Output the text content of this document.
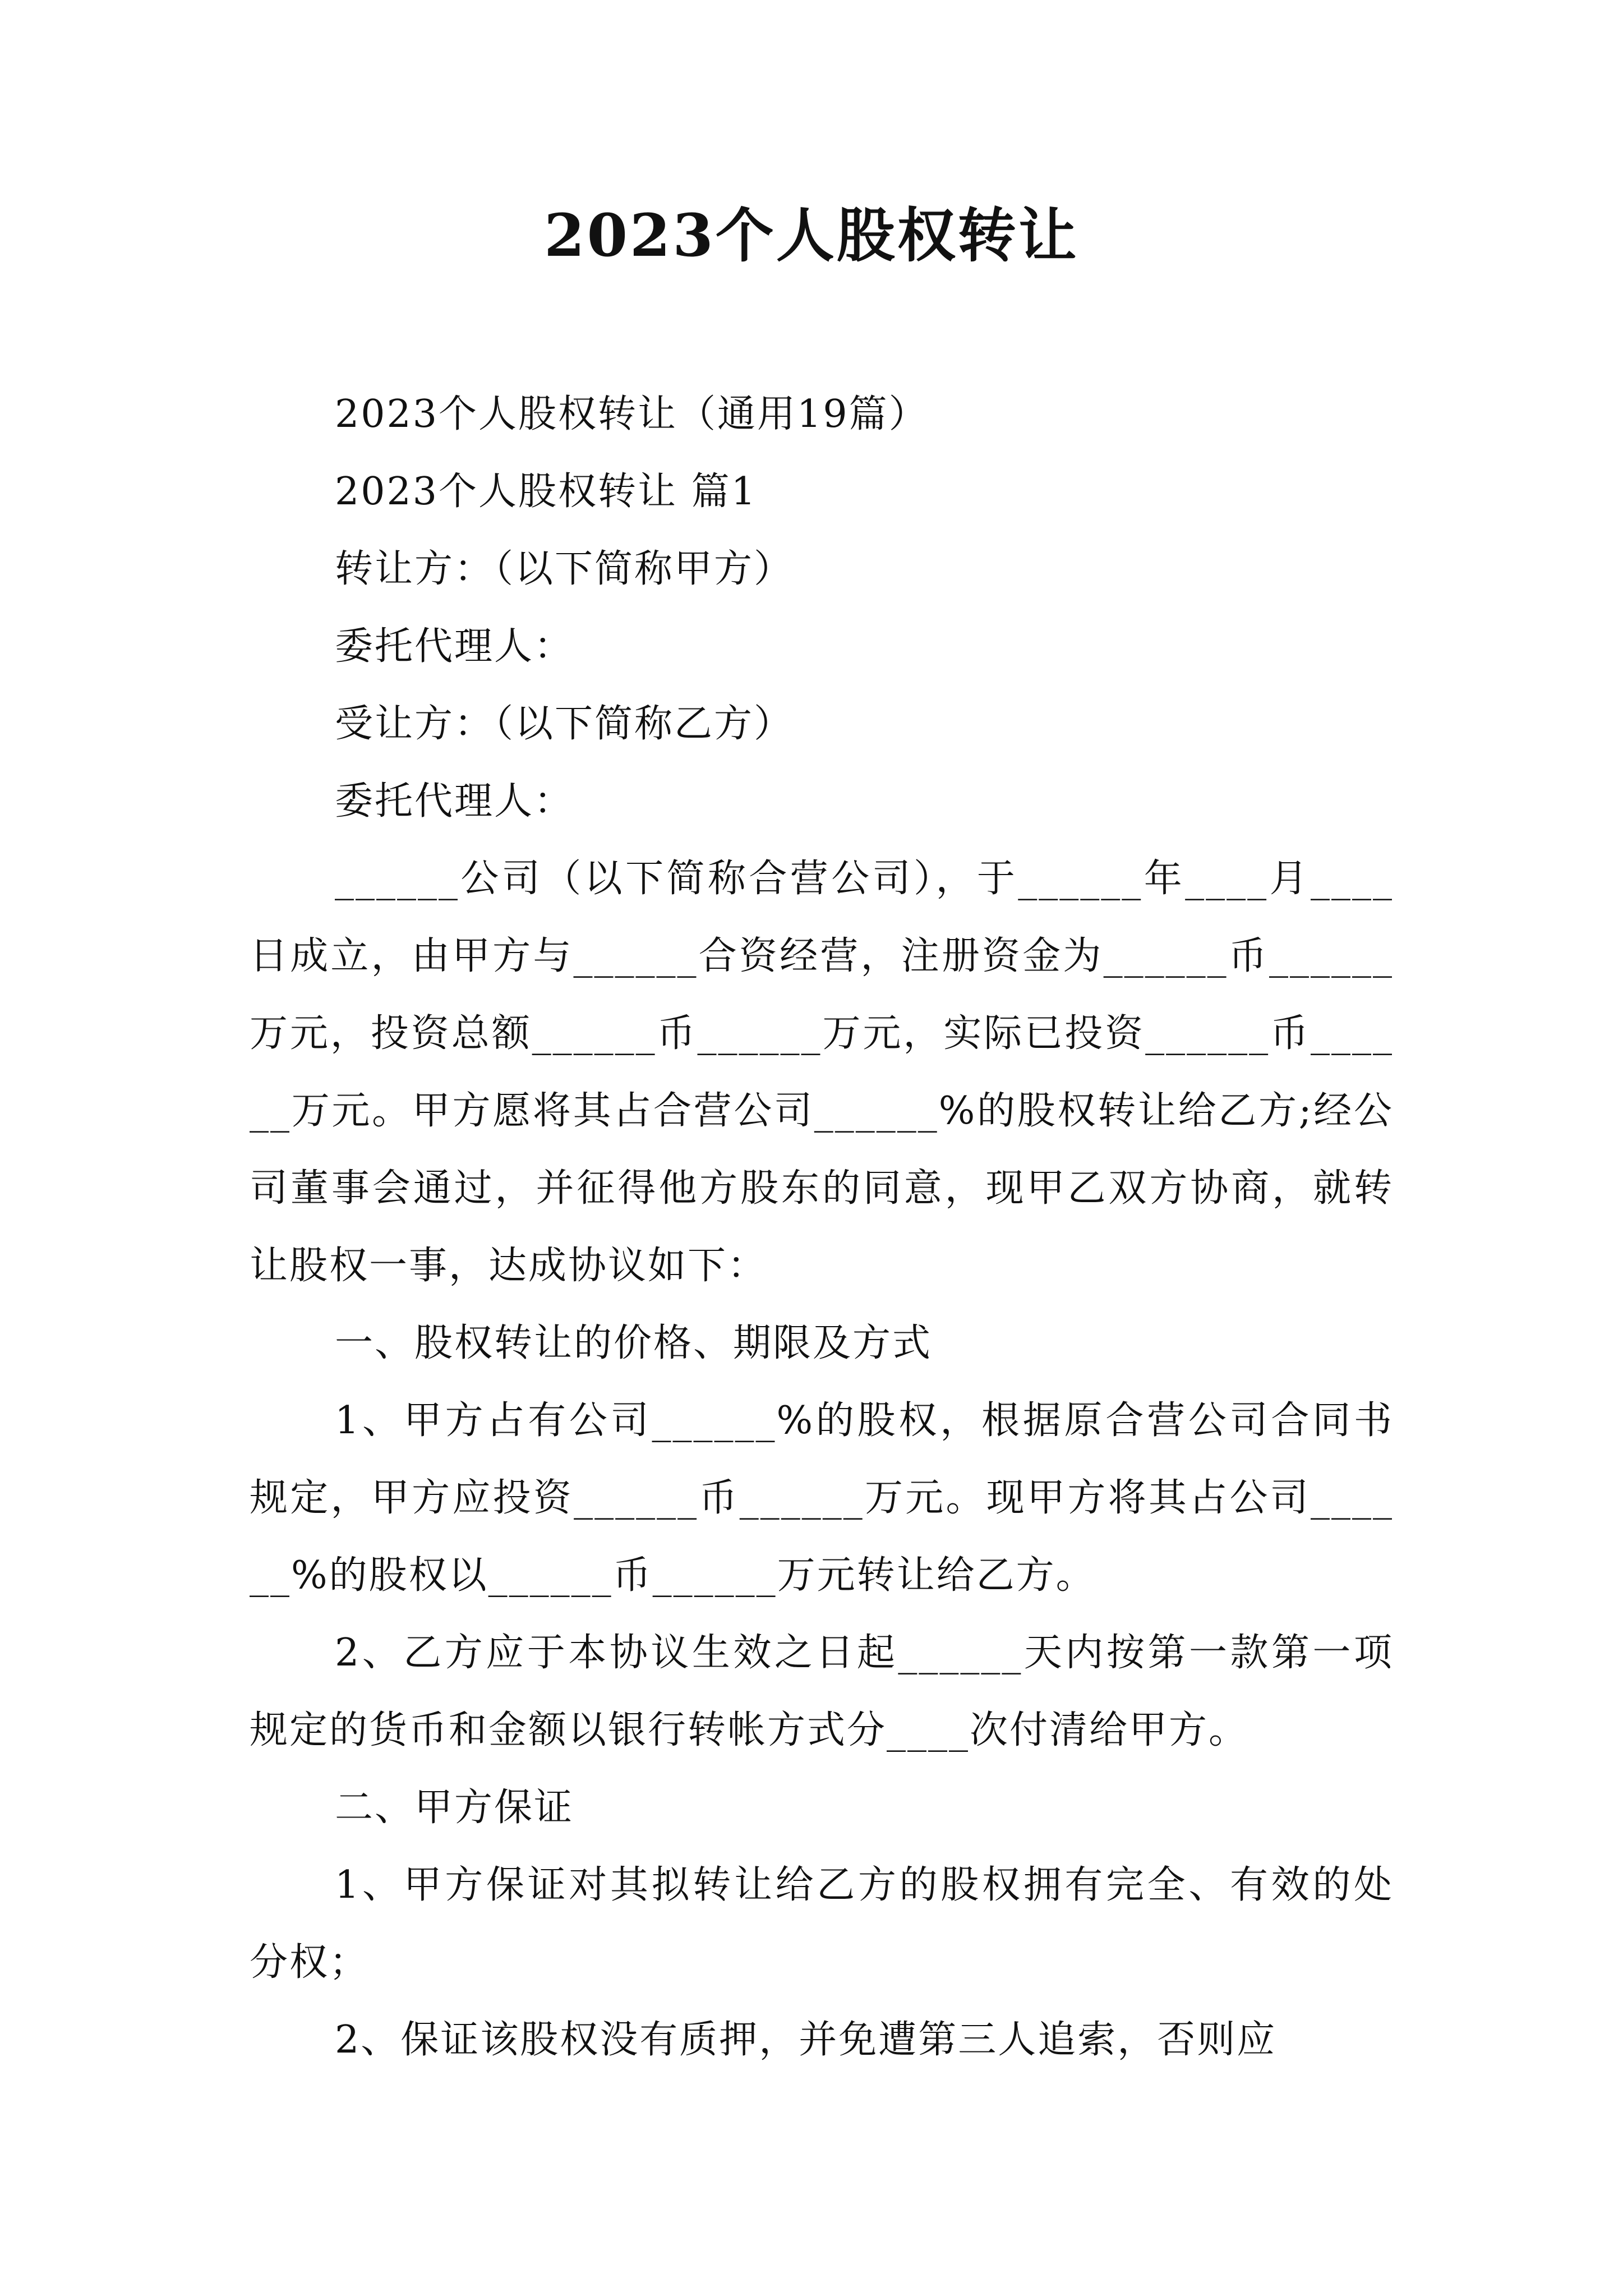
2023个人股权转让

2023个人股权转让（通用19篇）

2023个人股权转让 篇1

转让方：（以下简称甲方）

委托代理人：

受让方：（以下简称乙方）

委托代理人：

______公司（以下简称合营公司），于______年____月____日成立，由甲方与______合资经营，注册资金为______币______万元，投资总额______币______万元，实际已投资______币______万元。甲方愿将其占合营公司______%的股权转让给乙方;经公司董事会通过，并征得他方股东的同意，现甲乙双方协商，就转让股权一事，达成协议如下：

一、股权转让的价格、期限及方式

1、甲方占有公司______%的股权，根据原合营公司合同书规定，甲方应投资______币______万元。现甲方将其占公司______%的股权以______币______万元转让给乙方。

2、乙方应于本协议生效之日起______天内按第一款第一项规定的货币和金额以银行转帐方式分____次付清给甲方。

二、甲方保证

1、甲方保证对其拟转让给乙方的股权拥有完全、有效的处分权；

2、保证该股权没有质押，并免遭第三人追索，否则应
